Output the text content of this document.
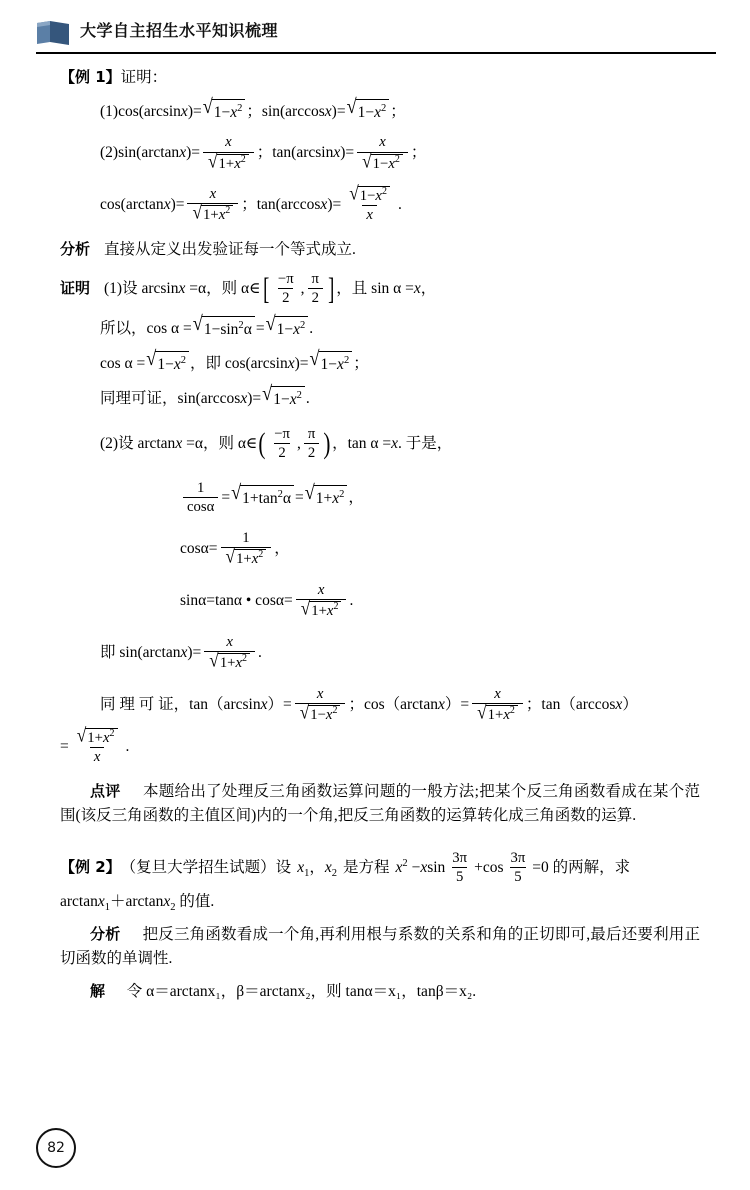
大学自主招生水平知识梳理
【例 1】 证明：
(1) cos(arcsinx)= √ $1-x^2$ ；sin(arccosx)= √ $1-x^2$ ；
(2) $\sin(\arctan x)= \frac{x}{√ 1+x^2}$ ；$\tan(\arcsin x)= \frac{x}{√ 1-x^2}$ ；
$\cos(\arctan x)= \frac{x}{√ 1+x^2}$ ；$\tan(\arccos x)= \frac{√ 1-x^2}{x}$ .
分析 直接从定义出发验证每一个等式成立.
证明 (1)设 arcsinx =α，则 α∈ [ $\frac{-\pi}{2}$ , $\frac{\pi}{2}$ ] ，且 sin α =x，
所以，cos α = √ $1-\sin^2\alpha$ = √ $1-x^2$ .
cos α = √ $1-x^2$ ，即 cos(arcsinx)= √ $1-x^2$ ；
同理可证，sin(arccosx)= √ $1-x^2$ .
(2)设 arctanx =α，则 α∈ ( $\frac{-\pi}{2}$ , $\frac{\pi}{2}$ ) ，tan α =x. 于是，
$\frac{1}{\cos\alpha}$ = √ $1+\tan^2\alpha$ = √ $1+x^2$ ，
$\cos\alpha= \frac{1}{√ 1+x^2}$ ，
sinα=tanα • $\cos\alpha= \frac{x}{√ 1+x^2}$ .
即 $\sin(\arctan x)= \frac{x}{√ 1+x^2}$ .
同 理 可 证，$\tan(\arcsin x)= \frac{x}{√ 1-x^2}$ ；$\cos(\arctan x)= \frac{x}{√ 1+x^2}$ ；tan（arccosx）

= $\frac{√ 1+x^2}{x}$ .
点评 本题给出了处理反三角函数运算问题的一般方法;把某个反三角函数看成在某个范围(该反三角函数的主值区间)内的一个角,把反三角函数的运算转化成三角函数的运算.
【例 2】 （复旦大学招生试题）设 $x_1$，$x_2$ 是方程 $x^2 -xsin \frac{3\pi}{5} +\cos \frac{3\pi}{5} =0$ 的两解，求

arctanx$_1$＋arctanx$_2$ 的值.
分析 把反三角函数看成一个角,再利用根与系数的关系和角的正切即可,最后还要利用正切函数的单调性.
解 令 α＝arctanx₁，β＝arctanx₂，则 tanα＝x₁，tanβ＝x₂.
82
